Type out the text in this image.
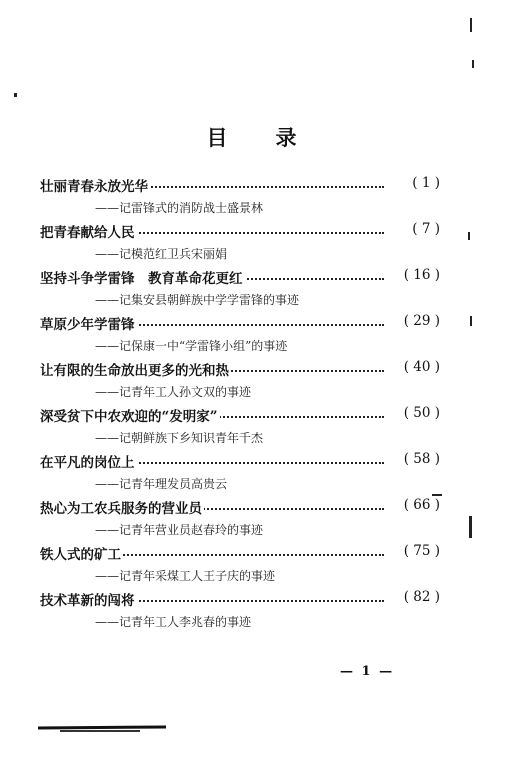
目 录
壮丽青春永放光华	( 1 )
——记雷锋式的消防战士盛景林
把青春献给人民	( 7 )
——记模范红卫兵宋丽娟
坚持斗争学雷锋　教育革命花更红	( 16 )
——记集安县朝鲜族中学学雷锋的事迹
草原少年学雷锋	( 29 )
——记保康一中“学雷锋小组”的事迹
让有限的生命放出更多的光和热	( 40 )
——记青年工人孙文双的事迹
深受贫下中农欢迎的“发明家”	( 50 )
——记朝鲜族下乡知识青年千杰
在平凡的岗位上	( 58 )
——记青年理发员高贵云
热心为工农兵服务的营业员	( 66 )
——记青年营业员赵春玲的事迹
铁人式的矿工	( 75 )
——记青年采煤工人王子庆的事迹
技术革新的闯将	( 82 )
——记青年工人李兆春的事迹
— 1 —
